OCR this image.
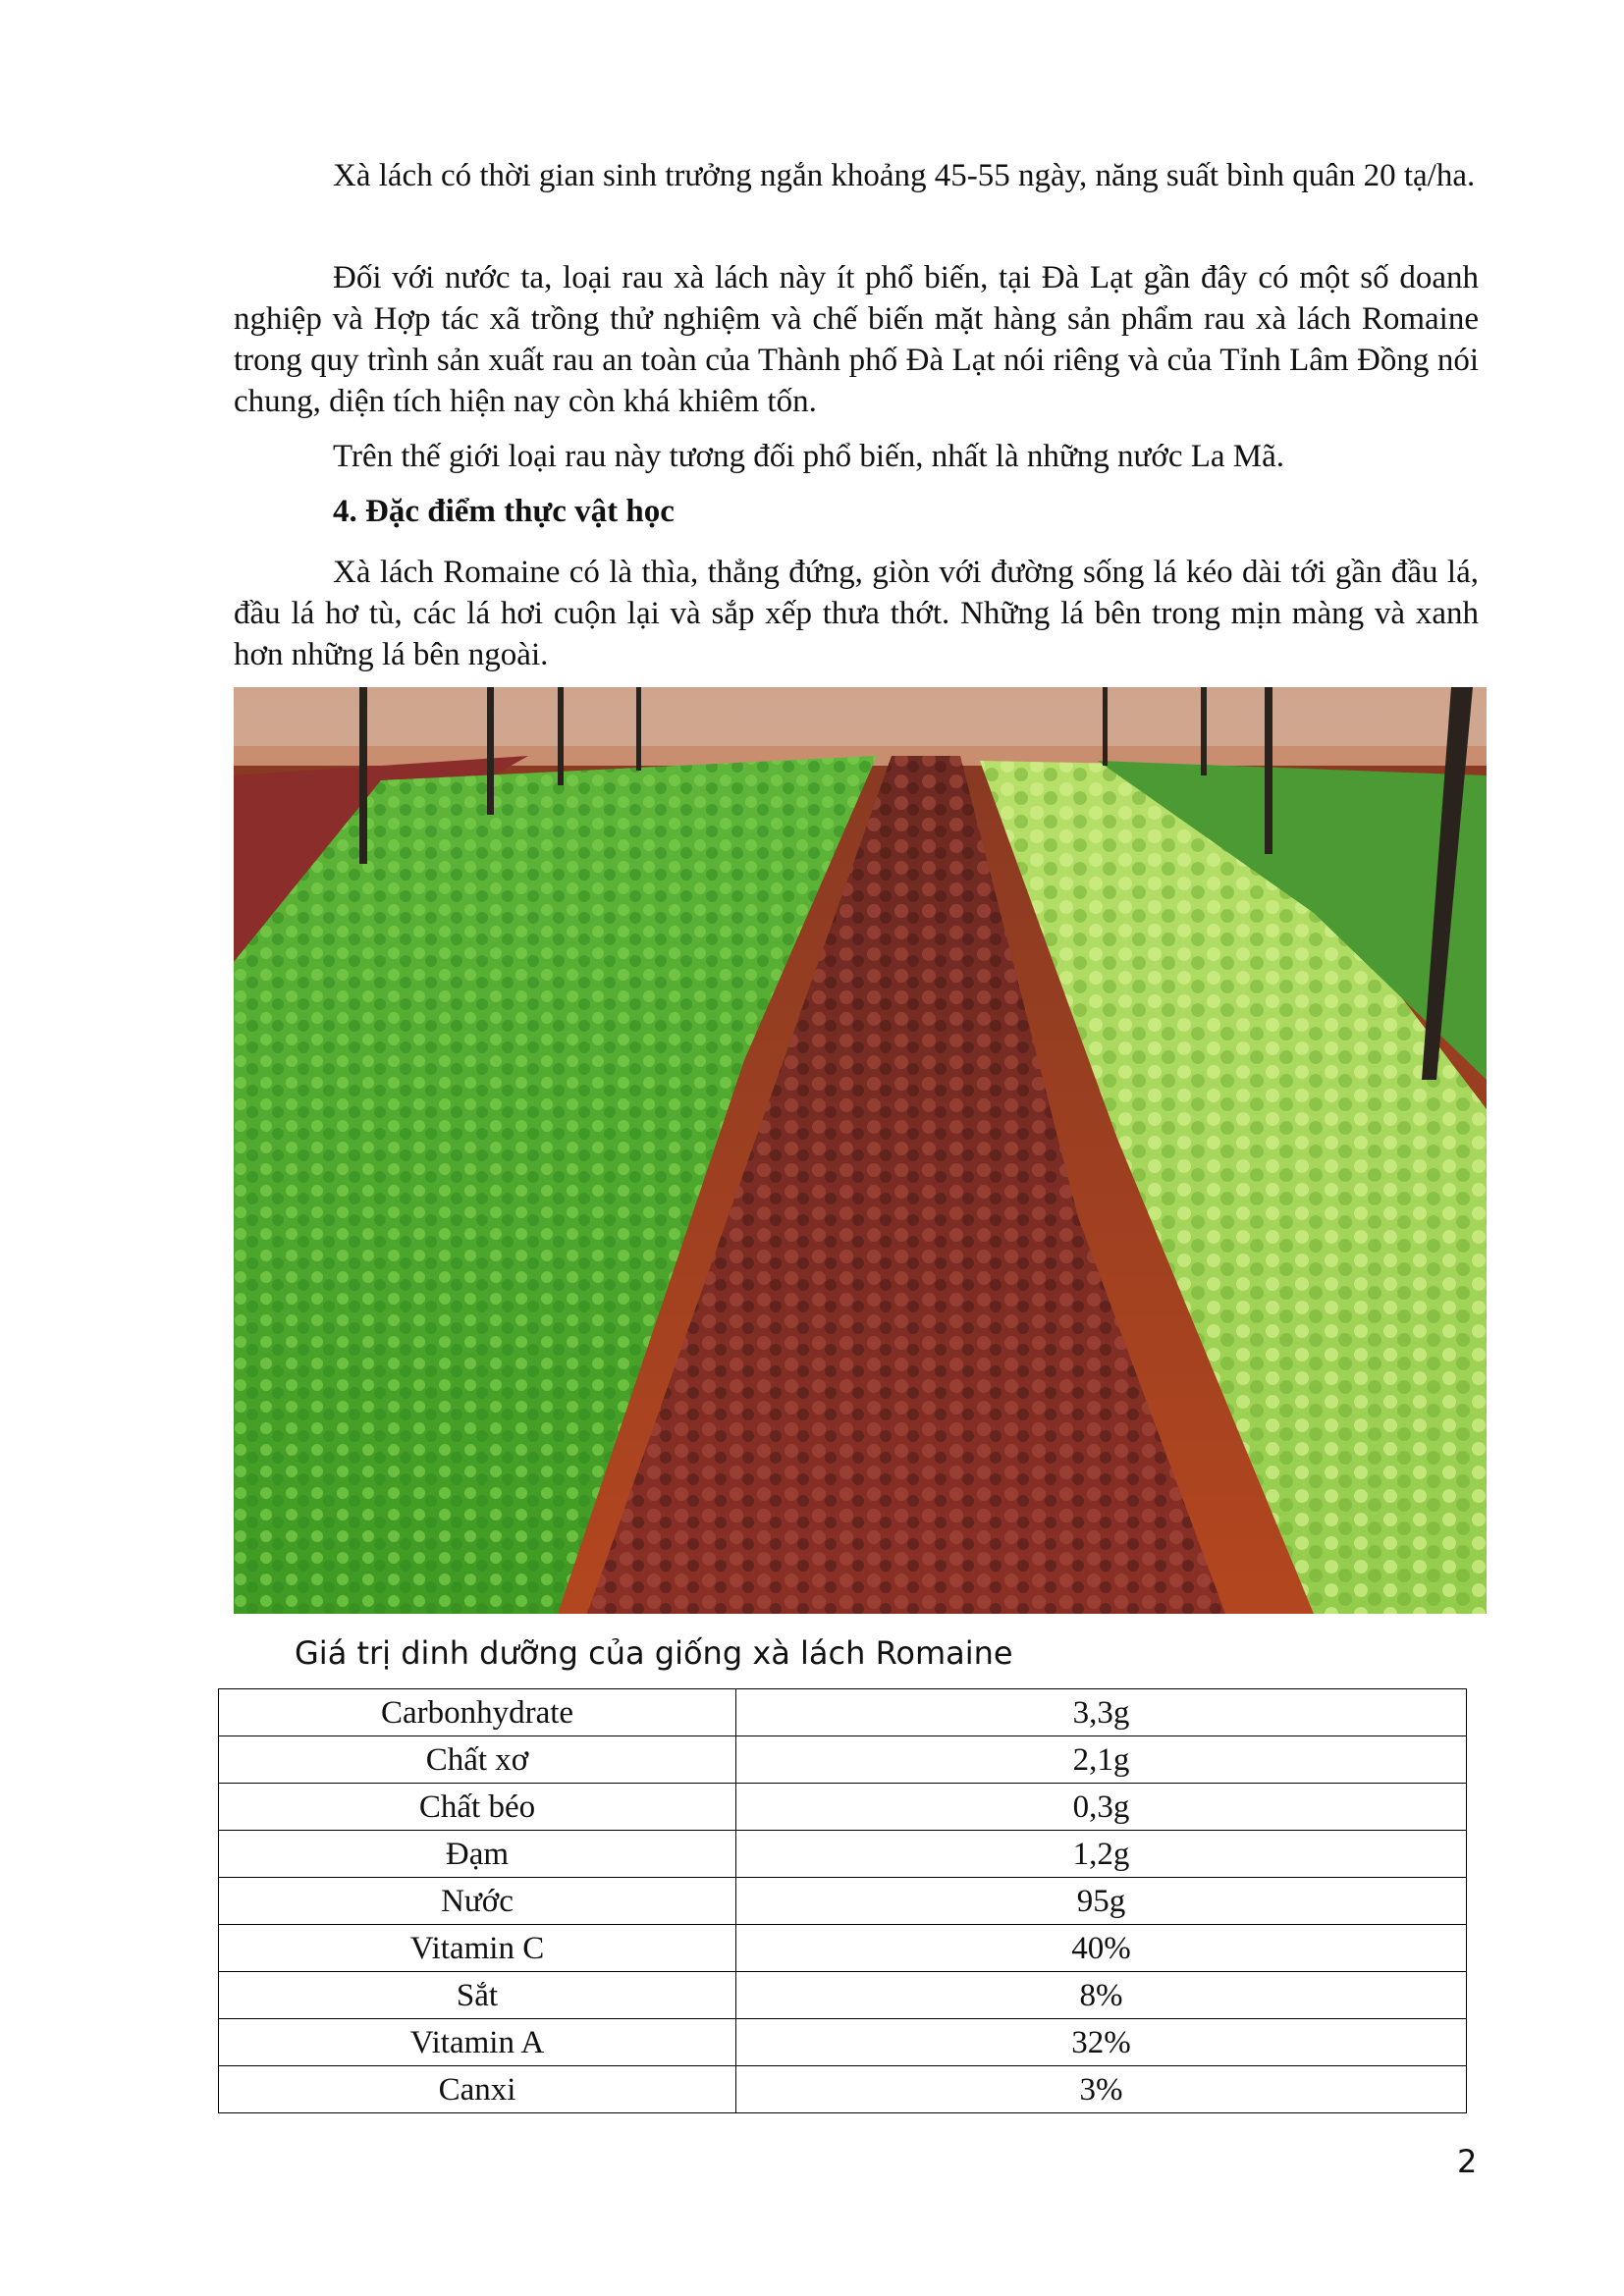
Xà lách có thời gian sinh trưởng ngắn khoảng 45-55 ngày, năng suất bình quân 20 tạ/ha.

Đối với nước ta, loại rau xà lách này ít phổ biến, tại Đà Lạt gần đây có một số doanh nghiệp và Hợp tác xã trồng thử nghiệm và chế biến mặt hàng sản phẩm rau xà lách Romaine trong quy trình sản xuất rau an toàn của Thành phố Đà Lạt nói riêng và của Tỉnh Lâm Đồng nói chung, diện tích hiện nay còn khá khiêm tốn.

Trên thế giới loại rau này tương đối phổ biến, nhất là những nước La Mã.

4. Đặc điểm thực vật học

Xà lách Romaine có là thìa, thẳng đứng, giòn với đường sống lá kéo dài tới gần đầu lá, đầu lá hơ tù, các lá hơi cuộn lại và sắp xếp thưa thớt. Những lá bên trong mịn màng và xanh hơn những lá bên ngoài.

Giá trị dinh dưỡng của giống xà lách Romaine

Carbonhydrate	3,3g
Chất xơ	2,1g
Chất béo	0,3g
Đạm	1,2g
Nước	95g
Vitamin C	40%
Sắt	8%
Vitamin A	32%
Canxi	3%
2
